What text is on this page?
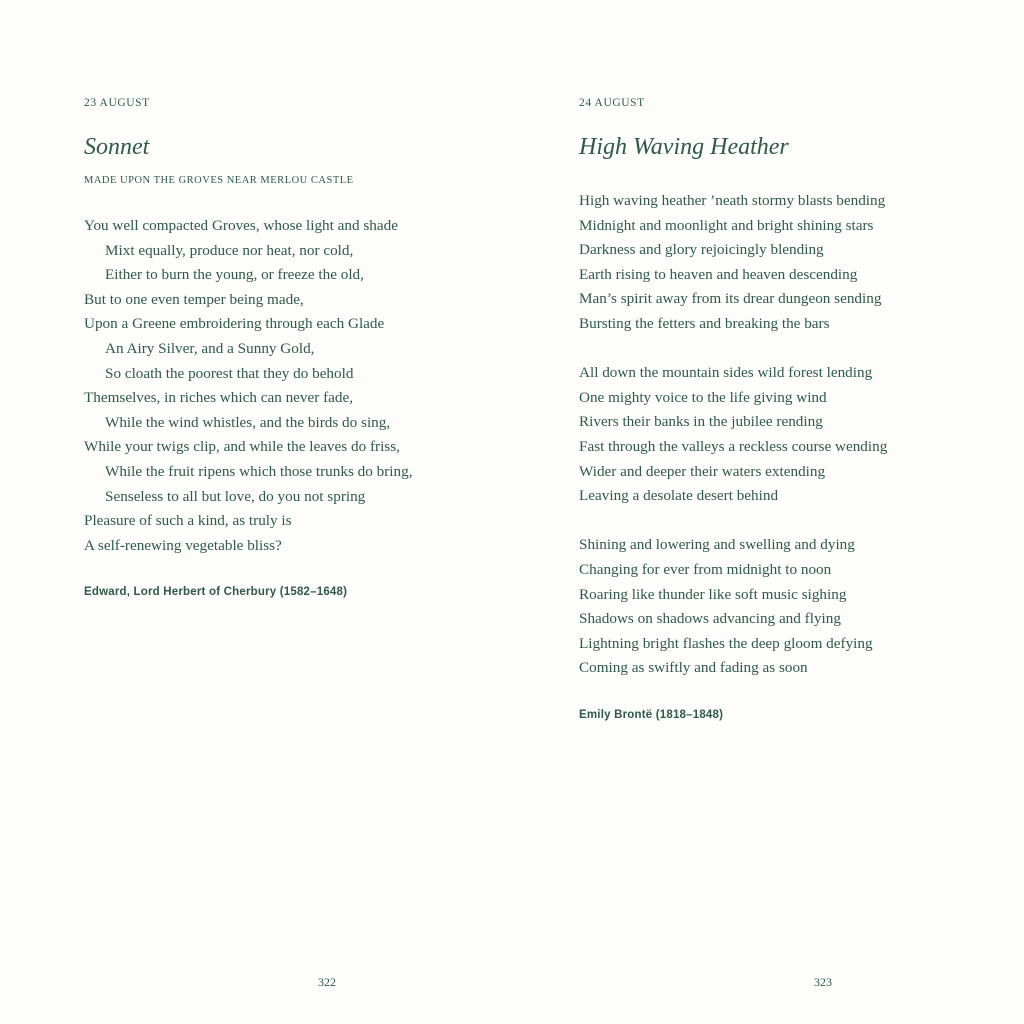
23 AUGUST
Sonnet
MADE UPON THE GROVES NEAR MERLOU CASTLE
You well compacted Groves, whose light and shade
Mixt equally, produce nor heat, nor cold,
Either to burn the young, or freeze the old,
But to one even temper being made,
Upon a Greene embroidering through each Glade
An Airy Silver, and a Sunny Gold,
So cloath the poorest that they do behold
Themselves, in riches which can never fade,
While the wind whistles, and the birds do sing,
While your twigs clip, and while the leaves do friss,
While the fruit ripens which those trunks do bring,
Senseless to all but love, do you not spring
Pleasure of such a kind, as truly is
A self-renewing vegetable bliss?
Edward, Lord Herbert of Cherbury (1582–1648)
322
24 AUGUST
High Waving Heather
High waving heather ’neath stormy blasts bending
Midnight and moonlight and bright shining stars
Darkness and glory rejoicingly blending
Earth rising to heaven and heaven descending
Man’s spirit away from its drear dungeon sending
Bursting the fetters and breaking the bars
All down the mountain sides wild forest lending
One mighty voice to the life giving wind
Rivers their banks in the jubilee rending
Fast through the valleys a reckless course wending
Wider and deeper their waters extending
Leaving a desolate desert behind
Shining and lowering and swelling and dying
Changing for ever from midnight to noon
Roaring like thunder like soft music sighing
Shadows on shadows advancing and flying
Lightning bright flashes the deep gloom defying
Coming as swiftly and fading as soon
Emily Brontë (1818–1848)
323
